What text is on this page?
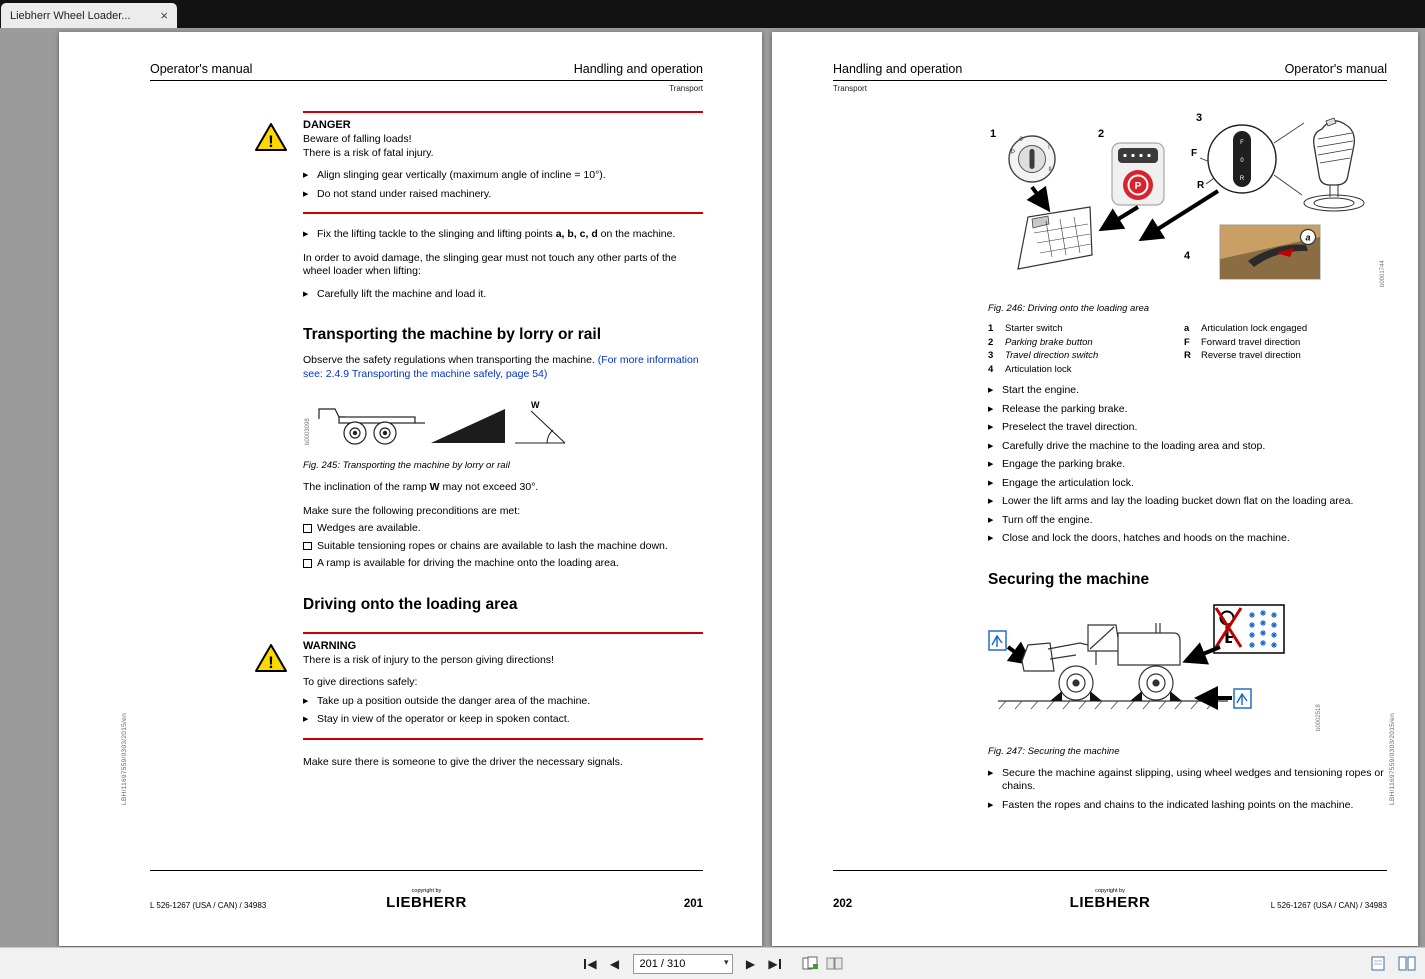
Liebherr Wheel Loader...	×
Operator's manual	Handling and operation
Transport
!
DANGER
Beware of falling loads!
There is a risk of fatal injury.
▶ Align slinging gear vertically (maximum angle of incline = 10°).
▶ Do not stand under raised machinery.
▶ Fix the lifting tackle to the slinging and lifting points a, b, c, d on the machine.

In order to avoid damage, the slinging gear must not touch any other parts of the wheel loader when lifting:

▶ Carefully lift the machine and load it.
Transporting the machine by lorry or rail

Observe the safety regulations when transporting the machine. (For more information see: 2.4.9 Transporting the machine safely, page 54)

b0003098
W
Fig. 245: Transporting the machine by lorry or rail

The inclination of the ramp W may not exceed 30°.

Make sure the following preconditions are met:

Wedges are available.
Suitable tensioning ropes or chains are available to lash the machine down.
A ramp is available for driving the machine onto the loading area.
Driving onto the loading area
!
WARNING
There is a risk of injury to the person giving directions!
To give directions safely:
▶ Take up a position outside the danger area of the machine.
▶ Stay in view of the operator or keep in spoken contact.

Make sure there is someone to give the driver the necessary signals.

LBH/11697559/0303/2015/en
L 526-1267 (USA / CAN) / 34983
copyright by
LIEBHERR	201
Handling and operation	Operator's manual
Transport
1	2
3
4
P
0
I
II
P
F
R
F
0
R
a
b0001744
Fig. 246: Driving onto the loading area
1	Starter switch
2	Parking brake button
3	Travel direction switch
4	Articulation lock
a	Articulation lock engaged
F	Forward travel direction
R	Reverse travel direction
▶ Start the engine.
▶ Release the parking brake.
▶ Preselect the travel direction.
▶ Carefully drive the machine to the loading area and stop.
▶ Engage the parking brake.
▶ Engage the articulation lock.
▶ Lower the lift arms and lay the loading bucket down flat on the loading area.
▶ Turn off the engine.
▶ Close and lock the doors, hatches and hoods on the machine.
Securing the machine
b0002518
Fig. 247: Securing the machine
▶ Secure the machine against slipping, using wheel wedges and tensioning ropes or chains.
▶ Fasten the ropes and chains to the indicated lashing points on the machine.	LBH/11697559/0303/2015/en
202
copyright by
LIEBHERR	L 526-1267 (USA / CAN) / 34983
◀ ◀
201 / 310	▾ ▶ ▶
